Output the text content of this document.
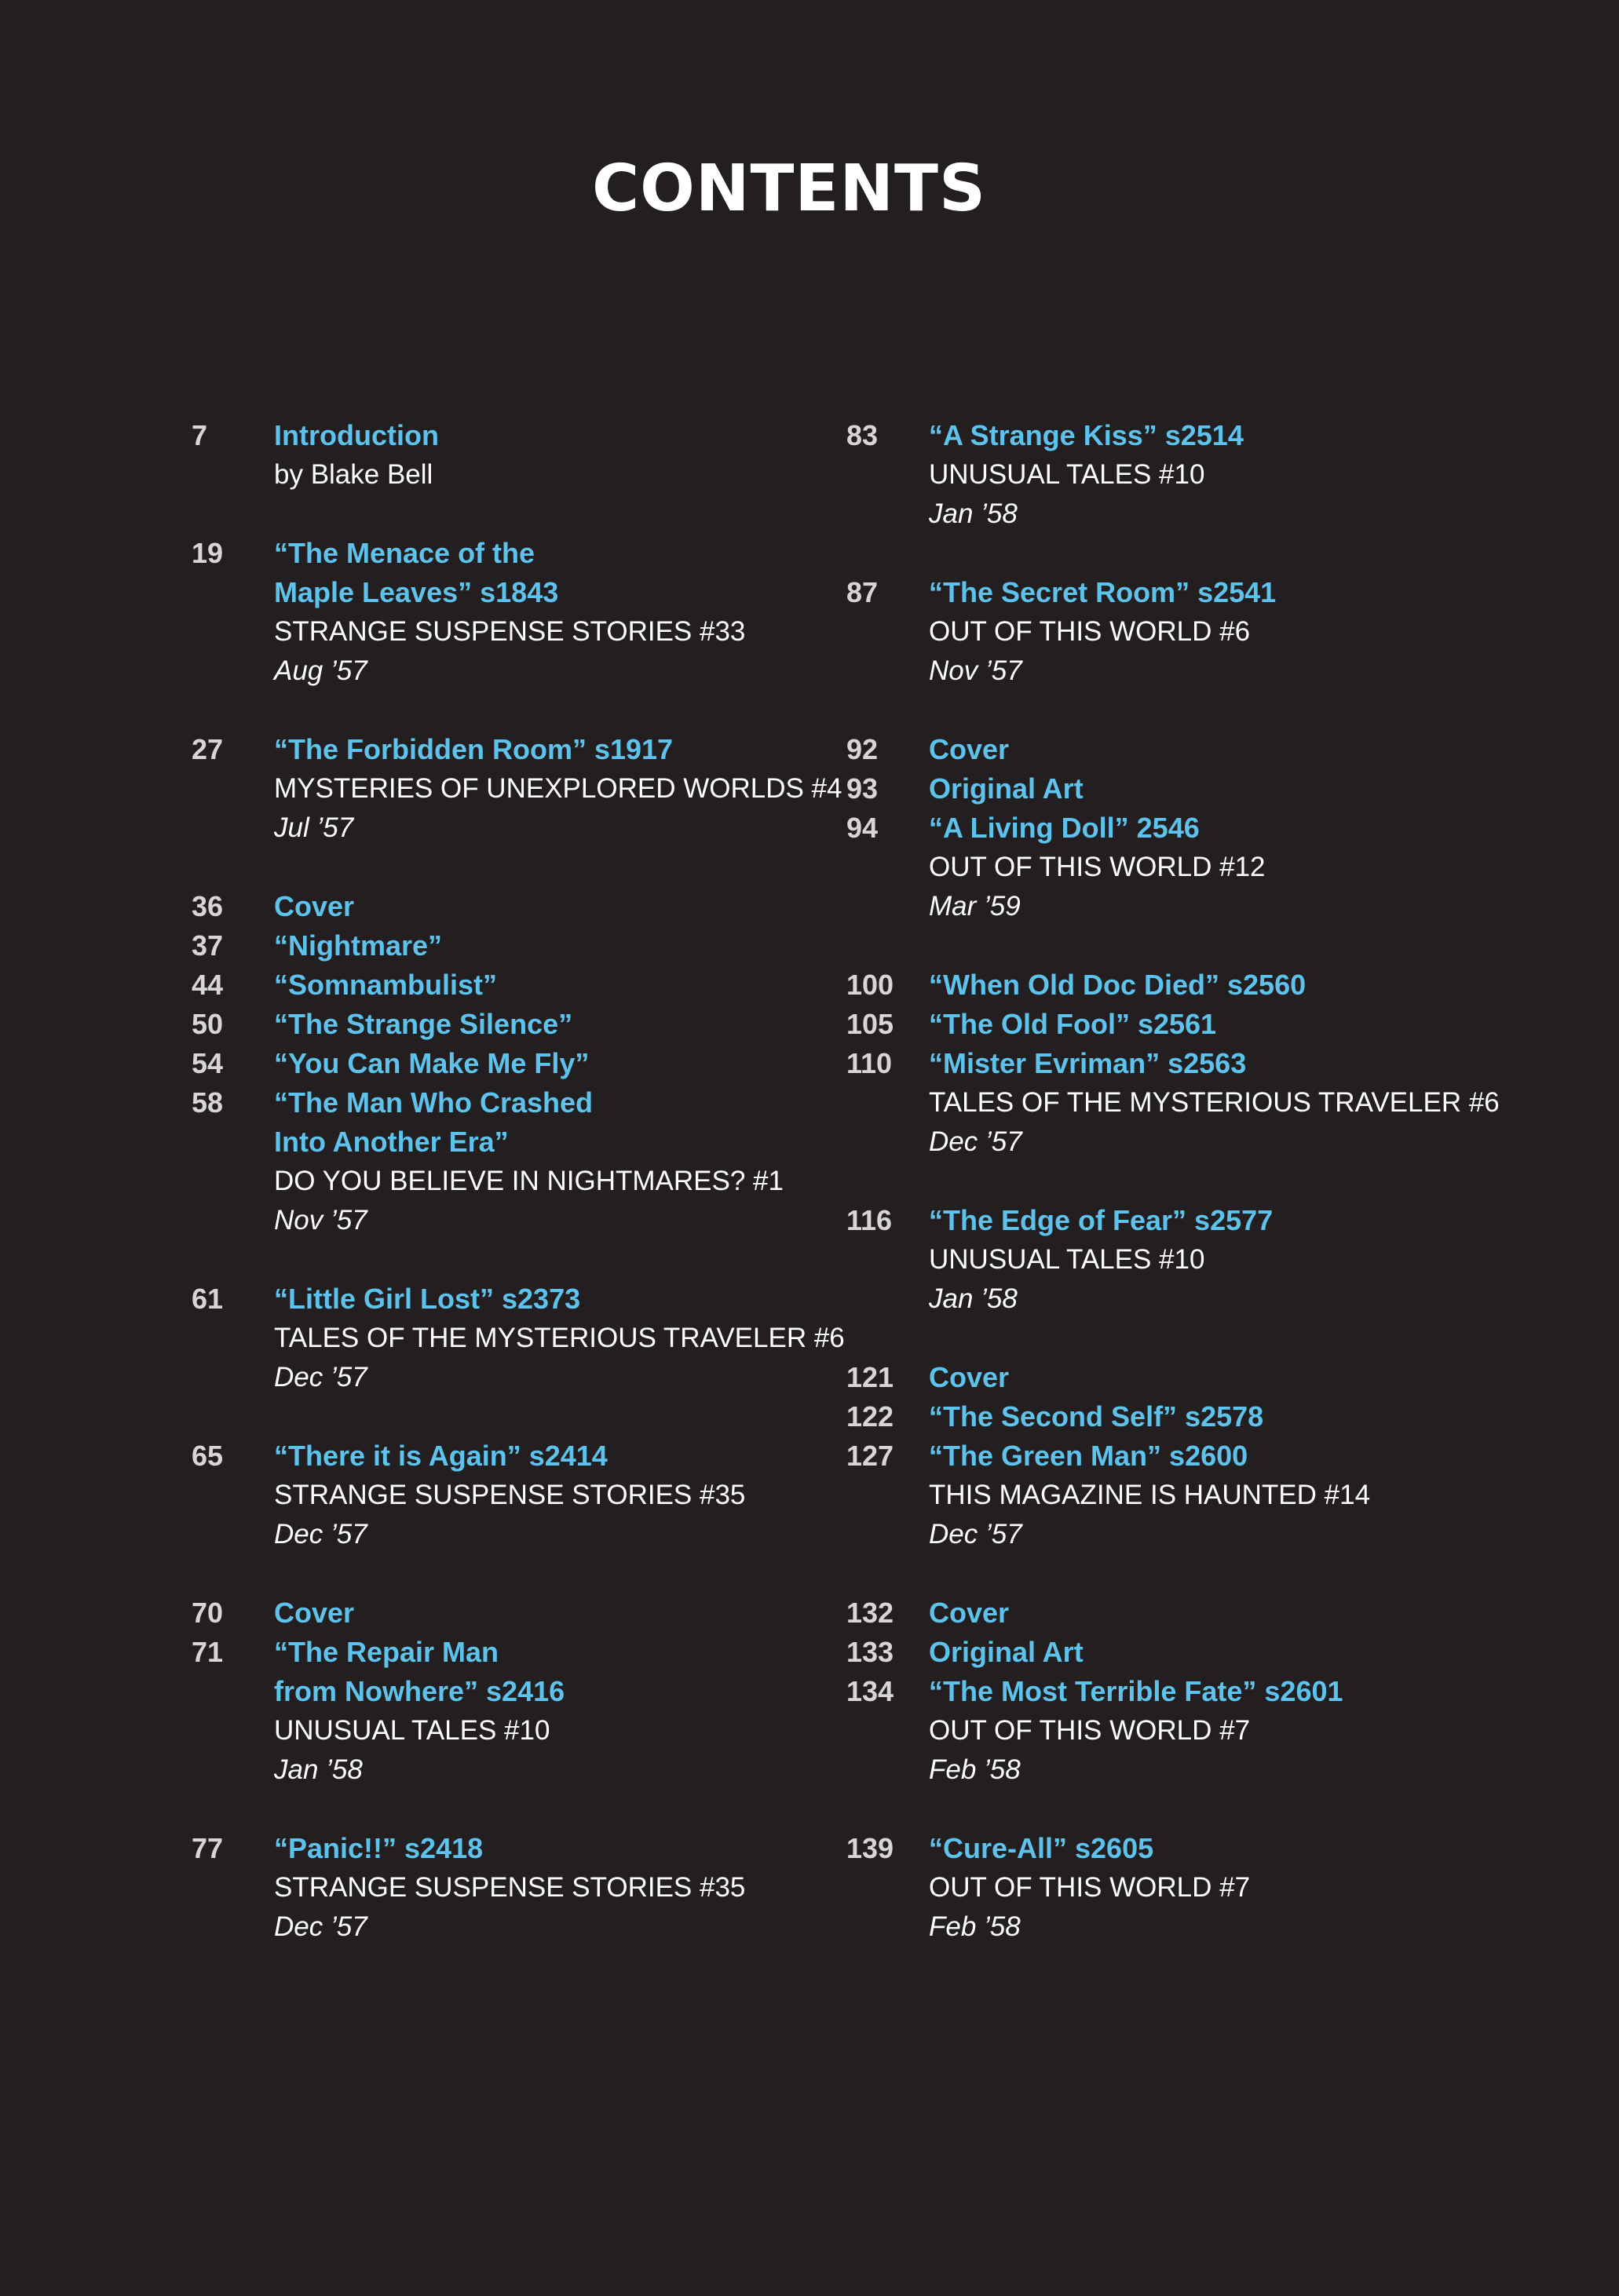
CONTENTS
7 Introduction
by Blake Bell
19 “The Menace of the
Maple Leaves” s1843
STRANGE SUSPENSE STORIES #33
Aug ’57
27 “The Forbidden Room” s1917
MYSTERIES OF UNEXPLORED WORLDS #4
Jul ’57
36 Cover
37 “Nightmare”
44 “Somnambulist”
50 “The Strange Silence”
54 “You Can Make Me Fly”
58 “The Man Who Crashed
Into Another Era”
DO YOU BELIEVE IN NIGHTMARES? #1
Nov ’57
61 “Little Girl Lost” s2373
TALES OF THE MYSTERIOUS TRAVELER #6
Dec ’57
65 “There it is Again” s2414
STRANGE SUSPENSE STORIES #35
Dec ’57
70 Cover
71 “The Repair Man
from Nowhere” s2416
UNUSUAL TALES #10
Jan ’58
77 “Panic!!” s2418
STRANGE SUSPENSE STORIES #35
Dec ’57
83 “A Strange Kiss” s2514
UNUSUAL TALES #10
Jan ’58
87 “The Secret Room” s2541
OUT OF THIS WORLD #6
Nov ’57
92 Cover
93 Original Art
94 “A Living Doll” 2546
OUT OF THIS WORLD #12
Mar ’59
100 “When Old Doc Died” s2560
105 “The Old Fool” s2561
110 “Mister Evriman” s2563
TALES OF THE MYSTERIOUS TRAVELER #6
Dec ’57
116 “The Edge of Fear” s2577
UNUSUAL TALES #10
Jan ’58
121 Cover
122 “The Second Self” s2578
127 “The Green Man” s2600
THIS MAGAZINE IS HAUNTED #14
Dec ’57
132 Cover
133 Original Art
134 “The Most Terrible Fate” s2601
OUT OF THIS WORLD #7
Feb ’58
139 “Cure-All” s2605
OUT OF THIS WORLD #7
Feb ’58
